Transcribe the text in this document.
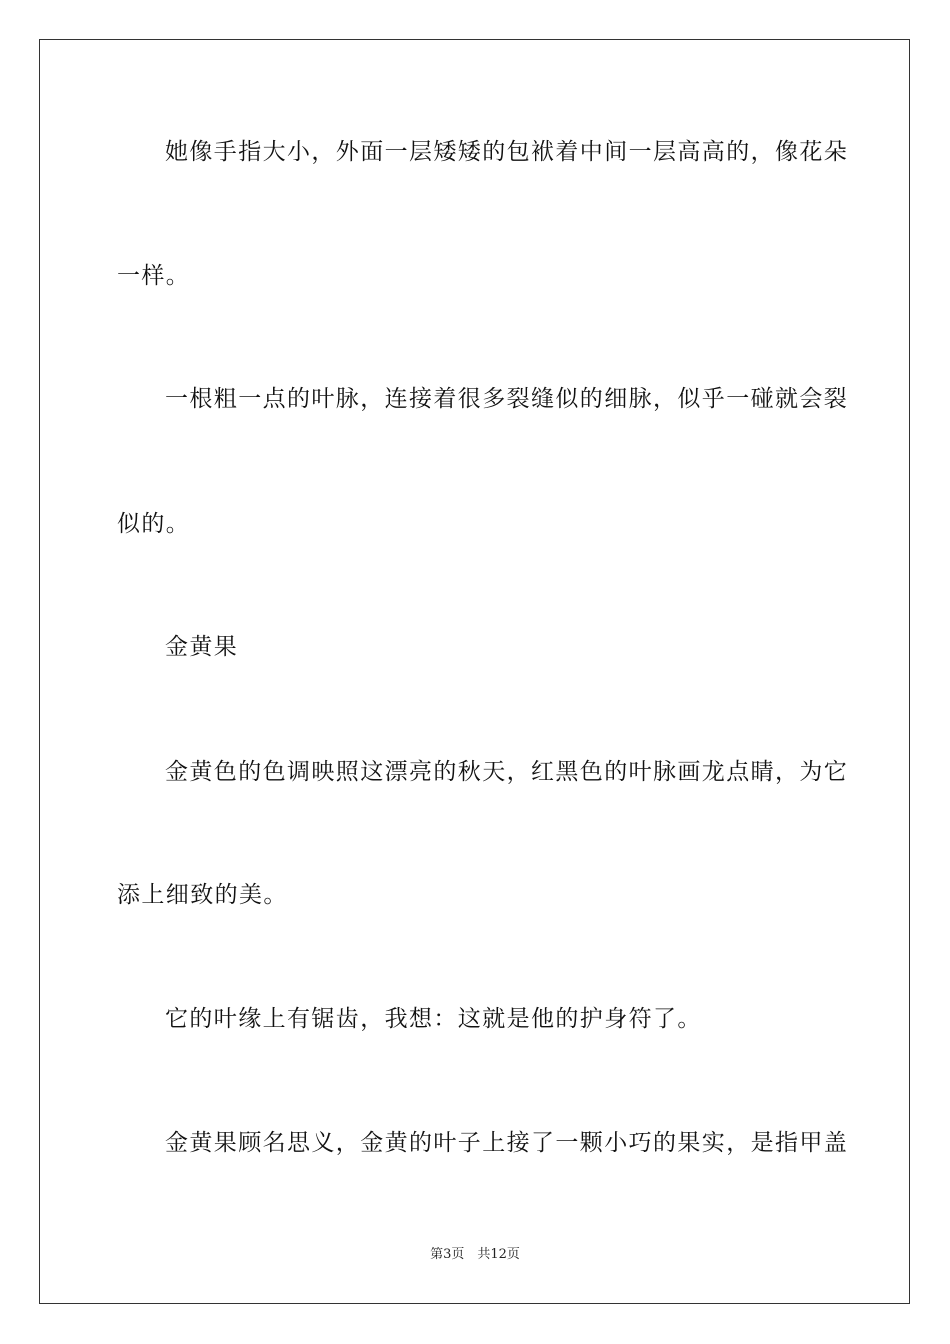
她像手指大小，外面一层矮矮的包袱着中间一层高高的，像花朵
一样。
一根粗一点的叶脉，连接着很多裂缝似的细脉，似乎一碰就会裂
似的。
金黄果
金黄色的色调映照这漂亮的秋天，红黑色的叶脉画龙点睛，为它
添上细致的美。
它的叶缘上有锯齿，我想：这就是他的护身符了。
金黄果顾名思义，金黄的叶子上接了一颗小巧的果实，是指甲盖
第3页　共12页
